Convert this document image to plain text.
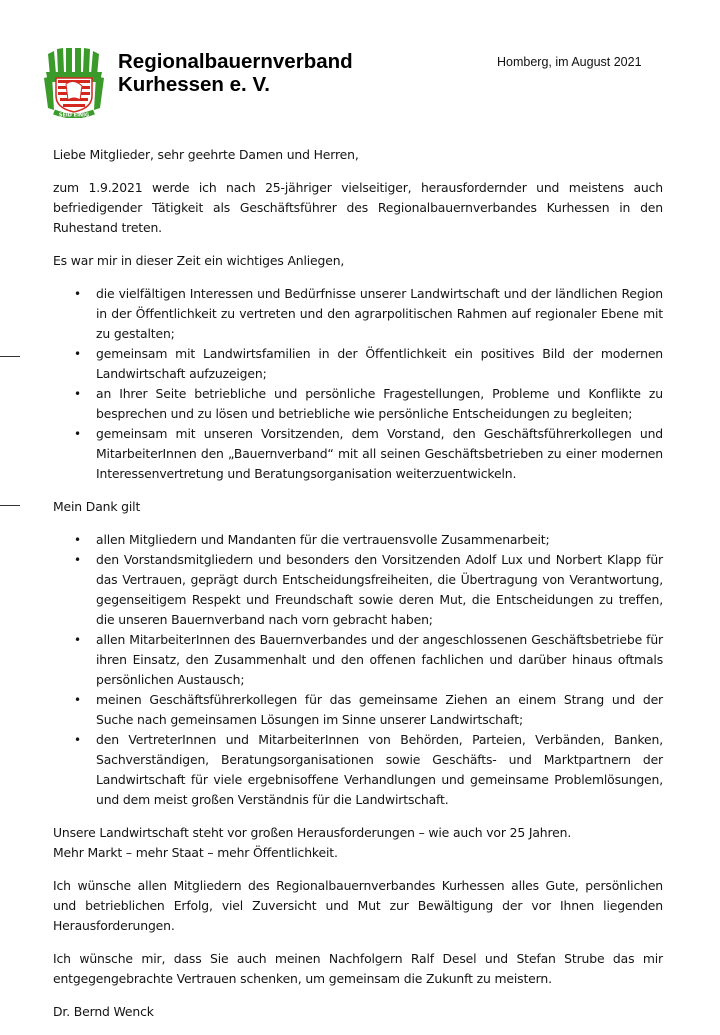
SEID EINIG
Regionalbauernverband
Kurhessen e. V.
Homberg, im August 2021

Liebe Mitglieder, sehr geehrte Damen und Herren,

zum 1.9.2021 werde ich nach 25-jähriger vielseitiger, herausfordernder und meistens auch befriedigender Tätigkeit als Geschäftsführer des Regionalbauernverbandes Kurhessen in den Ruhestand treten.

Es war mir in dieser Zeit ein wichtiges Anliegen,

• die vielfältigen Interessen und Bedürfnisse unserer Landwirtschaft und der ländlichen Region in der Öffentlichkeit zu vertreten und den agrarpolitischen Rahmen auf regionaler Ebene mit zu gestalten;
• gemeinsam mit Landwirtsfamilien in der Öffentlichkeit ein positives Bild der modernen Landwirtschaft aufzuzeigen;
• an Ihrer Seite betriebliche und persönliche Fragestellungen, Probleme und Konflikte zu besprechen und zu lösen und betriebliche wie persönliche Entscheidungen zu begleiten;
• gemeinsam mit unseren Vorsitzenden, dem Vorstand, den Geschäftsführerkollegen und MitarbeiterInnen den „Bauernverband“ mit all seinen Geschäftsbetrieben zu einer modernen Interessenvertretung und Beratungsorganisation weiterzuentwickeln.

Mein Dank gilt

• allen Mitgliedern und Mandanten für die vertrauensvolle Zusammenarbeit;
• den Vorstandsmitgliedern und besonders den Vorsitzenden Adolf Lux und Norbert Klapp für das Vertrauen, geprägt durch Entscheidungsfreiheiten, die Übertragung von Verantwortung, gegenseitigem Respekt und Freundschaft sowie deren Mut, die Entscheidungen zu treffen, die unseren Bauernverband nach vorn gebracht haben;
• allen MitarbeiterInnen des Bauernverbandes und der angeschlossenen Geschäftsbetriebe für ihren Einsatz, den Zusammenhalt und den offenen fachlichen und darüber hinaus oftmals persönlichen Austausch;
• meinen Geschäftsführerkollegen für das gemeinsame Ziehen an einem Strang und der Suche nach gemeinsamen Lösungen im Sinne unserer Landwirtschaft;
• den VertreterInnen und MitarbeiterInnen von Behörden, Parteien, Verbänden, Banken, Sachverständigen, Beratungsorganisationen sowie Geschäfts- und Marktpartnern der Landwirtschaft für viele ergebnisoffene Verhandlungen und gemeinsame Problemlösungen, und dem meist großen Verständnis für die Landwirtschaft.

Unsere Landwirtschaft steht vor großen Herausforderungen – wie auch vor 25 Jahren.
Mehr Markt – mehr Staat – mehr Öffentlichkeit.

Ich wünsche allen Mitgliedern des Regionalbauernverbandes Kurhessen alles Gute, persönlichen und betrieblichen Erfolg, viel Zuversicht und Mut zur Bewältigung der vor Ihnen liegenden Herausforderungen.

Ich wünsche mir, dass Sie auch meinen Nachfolgern Ralf Desel und Stefan Strube das mir entgegengebrachte Vertrauen schenken, um gemeinsam die Zukunft zu meistern.

Dr. Bernd Wenck
